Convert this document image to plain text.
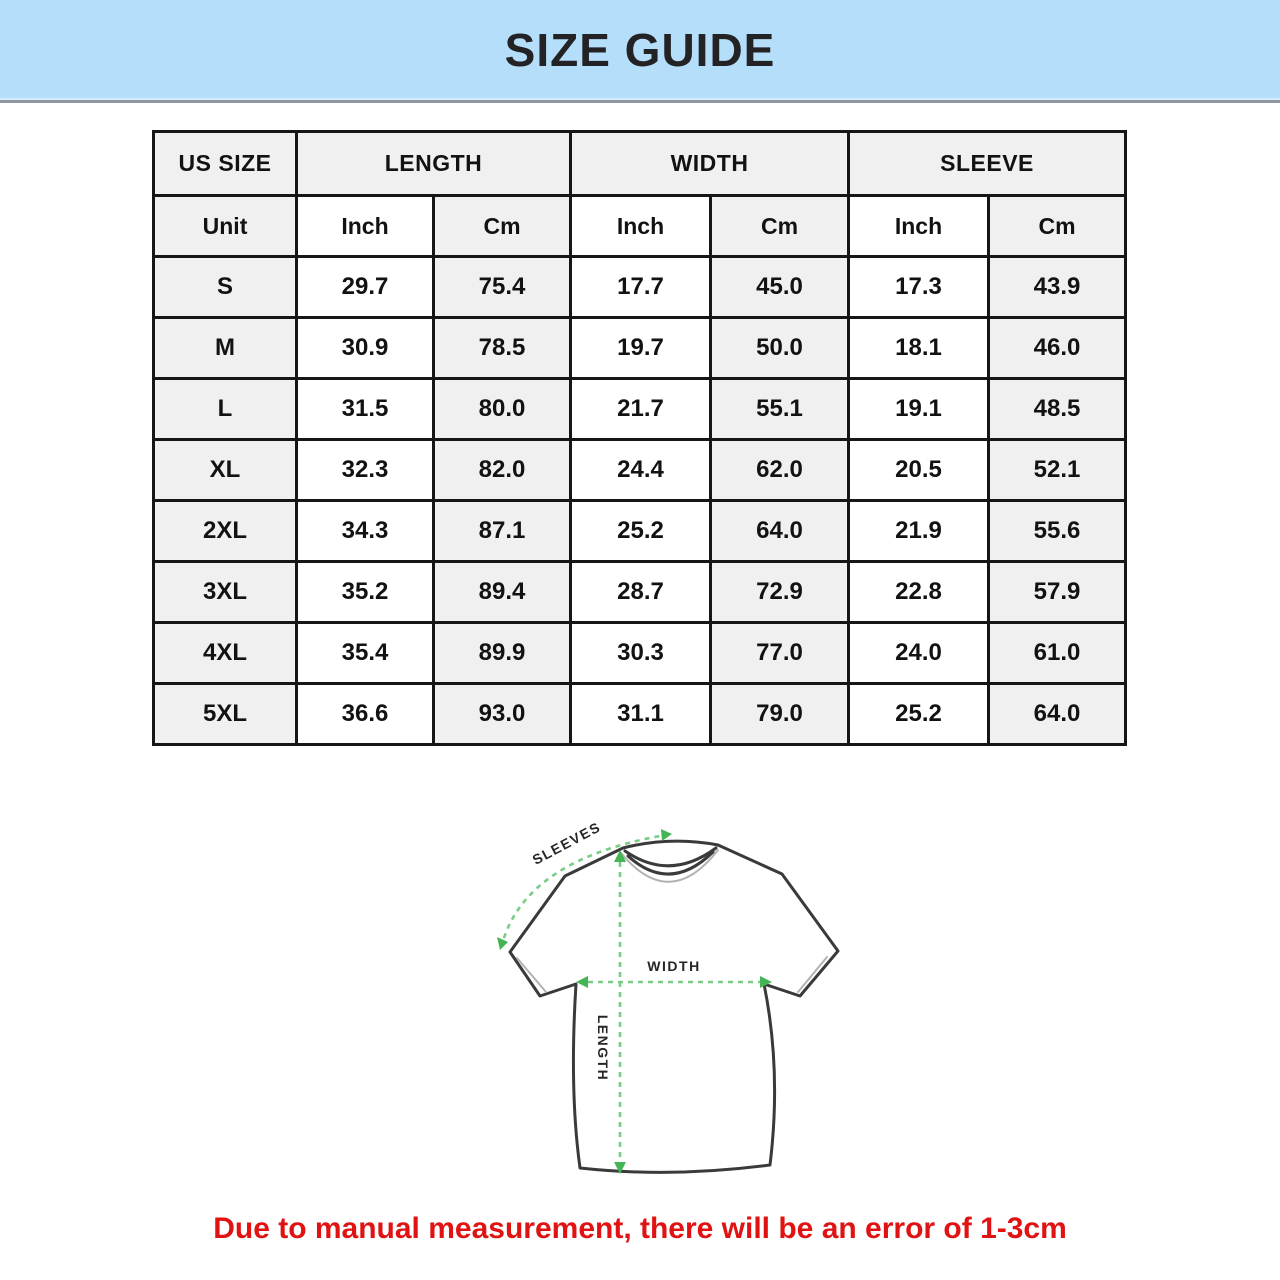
SIZE GUIDE
US SIZE	LENGTH		WIDTH		SLEEVE	
Unit	Inch	Cm	Inch	Cm	Inch	Cm
S	29.7	75.4	17.7	45.0	17.3	43.9
M	30.9	78.5	19.7	50.0	18.1	46.0
L	31.5	80.0	21.7	55.1	19.1	48.5
XL	32.3	82.0	24.4	62.0	20.5	52.1
2XL	34.3	87.1	25.2	64.0	21.9	55.6
3XL	35.2	89.4	28.7	72.9	22.8	57.9
4XL	35.4	89.9	30.3	77.0	24.0	61.0
5XL	36.6	93.0	31.1	79.0	25.2	64.0
WIDTH
LENGTH
SLEEVES
Due to manual measurement, there will be an error of 1-3cm
